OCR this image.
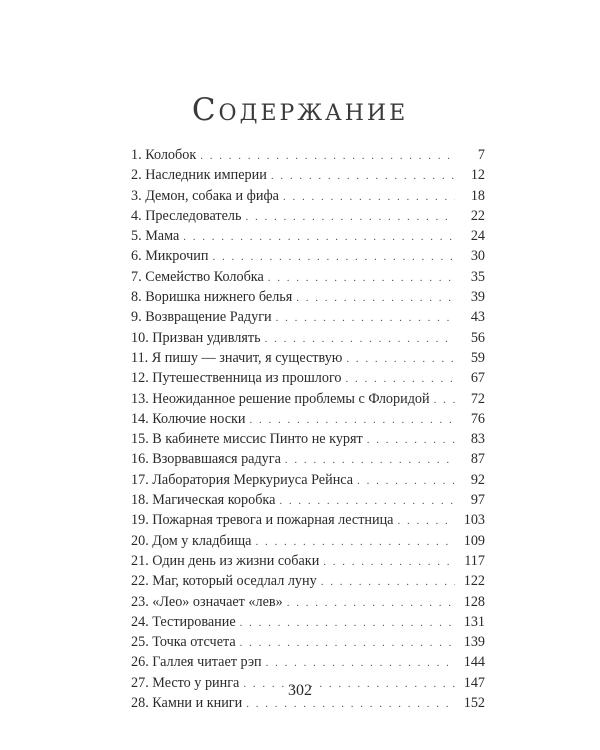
Содержание
1. Колобок . . .	7
2. Наследник империи . . .	12
3. Демон, собака и фифа . . .	18
4. Преследователь . . .	22
5. Мама . . .	24
6. Микрочип . . .	30
7. Семейство Колобка . . .	35
8. Воришка нижнего белья . . .	39
9. Возвращение Радуги . . .	43
10. Призван удивлять . . .	56
11. Я пишу — значит, я существую . . .	59
12. Путешественница из прошлого . . .	67
13. Неожиданное решение проблемы с Флоридой . . .	72
14. Колючие носки . . .	76
15. В кабинете миссис Пинто не курят . . .	83
16. Взорвавшаяся радуга . . .	87
17. Лаборатория Меркуриуса Рейнса . . .	92
18. Магическая коробка . . .	97
19. Пожарная тревога и пожарная лестница . . .	103
20. Дом у кладбища . . .	109
21. Один день из жизни собаки . . .	117
22. Маг, который оседлал луну . . .	122
23. «Лео» означает «лев» . . .	128
24. Тестирование . . .	131
25. Точка отсчета . . .	139
26. Галлея читает рэп . . .	144
27. Место у ринга . . .	147
28. Камни и книги . . .	152
302
